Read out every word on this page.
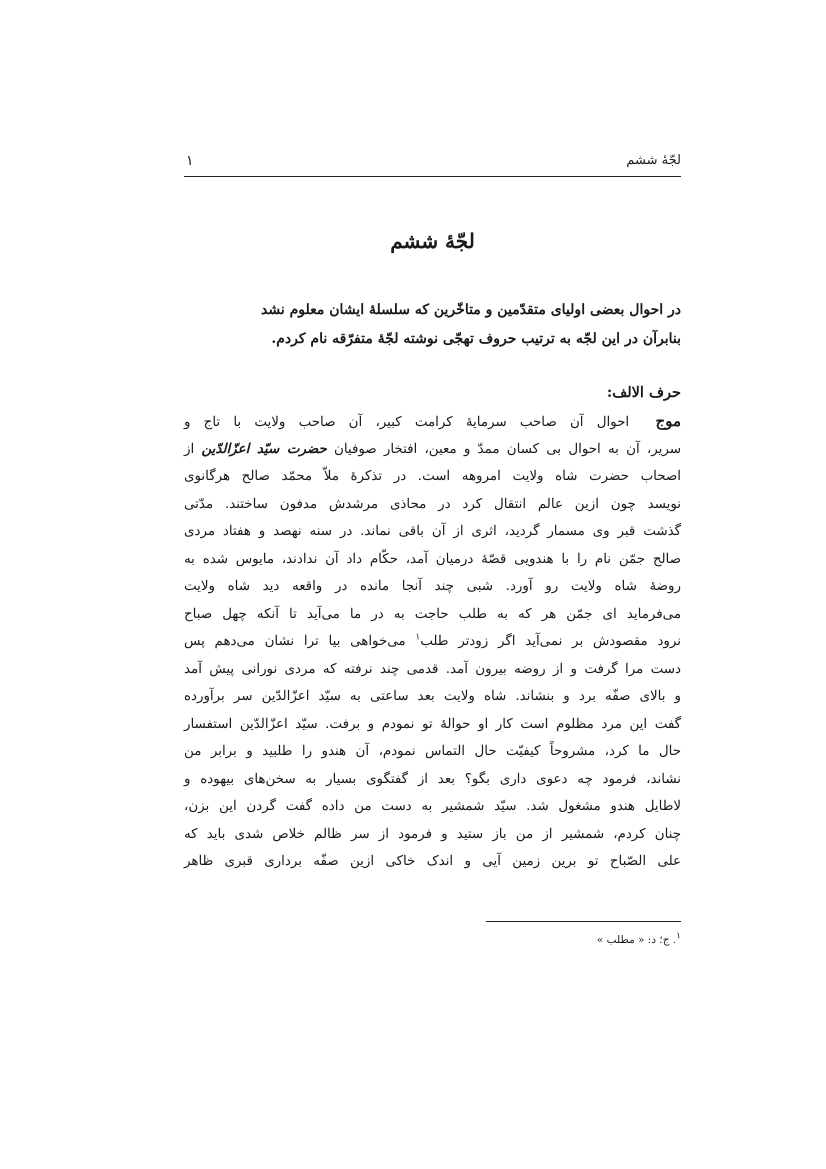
لجّۀ ششم
۱
لجّۀ ششم
در احوال بعضی اولیای متقدّمین و متاخّرین که سلسلۀ ایشان معلوم نشد
بنابرآن در این لجّه به ترتیب حروف تهجّی نوشته لجّۀ متفرّقه نام کردم.
حرف الالف:
موج  احوال آن صاحب سرمایۀ کرامت کبیر، آن صاحب ولایت با تاج و
سریر، آن به احوال بی کسان ممدّ و معین، افتخار صوفیان حضرت سیّد اعزّالدّین از
اصحاب حضرت شاه ولایت امروهه است. در تذکرۀ ملاّ محمّد صالح هرگانوی
نویسد چون ازین عالم انتقال کرد در محاذی مرشدش مدفون ساختند. مدّتی
گذشت قبر وی مسمار گردید، اثری از آن باقی نماند. در سنه نهصد و هفتاد مردی
صالح جمّن نام را با هندویی قصّۀ درمیان آمد، حکّام داد آن ندادند، مایوس شده به
روضۀ شاه ولایت رو آورد. شبی چند آنجا مانده در واقعه دید شاه ولایت
می‌فرماید ای جمّن هر که به طلب حاجت به در ما می‌آید تا آنکه چهل صباح
نرود مقصودش بر نمی‌آید اگر زودتر طلب$^۱$ می‌خواهی بیا ترا نشان می‌دهم پس
دست مرا گرفت و از روضه بیرون آمد. قدمی چند نرفته که مردی نورانی پیش آمد
و بالای صفّه برد و بنشاند. شاه ولایت بعد ساعتی به سیّد اعزّالدّین سر برآورده
گفت این مرد مظلوم است کار او حوالۀ تو نمودم و برفت. سیّد اعزّالدّین استفسار
حال ما کرد، مشروحاً کیفیّت حال التماس نمودم، آن هندو را طلبید و برابر من
نشاند، فرمود چه دعوی داری بگو؟ بعد از گفتگوی بسیار به سخن‌های بیهوده و
لاطایل هندو مشغول شد. سیّد شمشیر به دست من داده گفت گردن این بزن،
چنان کردم، شمشیر از من باز ستید و فرمود از سر ظالم خلاص شدی باید که
علی الصّباح تو برین زمین آیی و اندک خاکی ازین صفّه برداری قبری ظاهر
۱. ج؛ د: « مطلب »
